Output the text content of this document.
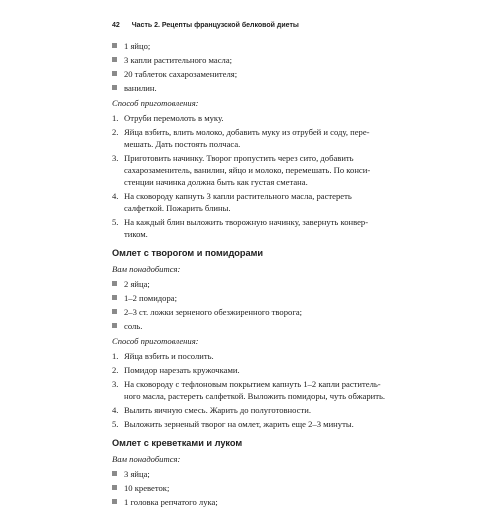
42 Часть 2. Рецепты французской белковой диеты
1 яйцо;
3 капли растительного масла;
20 таблеток сахарозаменителя;
ванилин.
Способ приготовления:
1. Отруби перемолоть в муку.
2. Яйца взбить, влить молоко, добавить муку из отрубей и соду, пере-
мешать. Дать постоять полчаса.
3. Приготовить начинку. Творог пропустить через сито, добавить
сахарозаменитель, ванилин, яйцо и молоко, перемешать. По конси-
стенции начинка должна быть как густая сметана.
4. На сковороду капнуть 3 капли растительного масла, растереть
салфеткой. Пожарить блины.
5. На каждый блин выложить творожную начинку, завернуть конвер-
тиком.
Омлет с творогом и помидорами
Вам понадобится:
2 яйца;
1–2 помидора;
2–3 ст. ложки зерненого обезжиренного творога;
соль.
Способ приготовления:
1. Яйца взбить и посолить.
2. Помидор нарезать кружочками.
3. На сковороду с тефлоновым покрытием капнуть 1–2 капли раститель-
ного масла, растереть салфеткой. Выложить помидоры, чуть обжарить.
4. Вылить яичную смесь. Жарить до полуготовности.
5. Выложить зерненый творог на омлет, жарить еще 2–3 минуты.
Омлет с креветками и луком
Вам понадобится:
3 яйца;
10 креветок;
1 головка репчатого лука;
